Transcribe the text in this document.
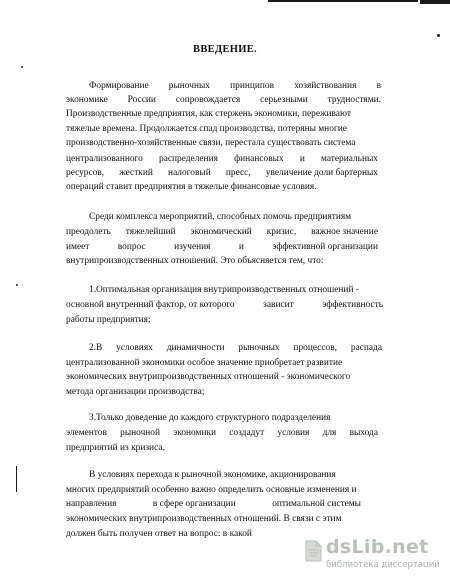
ВВЕДЕНИЕ.
Формирование рыночных принципов хозяйствования в
экономике России сопровождается серьезными трудностями.
Производственные предприятия, как стержень экономики, переживают
тяжелые времена. Продолжается спад производства, потеряны многие
производственно-хозяйственные связи, перестала существовать система
централизованного распределения финансовых и материальных
ресурсов, жесткий налоговый пресс, увеличение доли бартерных
операций ставит предприятия в тяжелые финансовые условия.
Среди комплекса мероприятий, способных помочь предприятиям
преодолеть тяжелейший экономический кризис, важное значение
имеет	вопрос	изучения	и	эффективной организации
внутрипроизводственных отношений. Это объясняется тем, что:
1.Оптимальная организация внутрипроизводственных отношений -
основной внутренний фактор, от которого	зависит	эффективность
работы предприятия;
2.В условиях динамичности рыночных процессов, распада
централизованной экономики особое значение приобретает развитие
экономических внутрипроизводственных отношений - экономического
метода организации производства;
3.Только доведение до каждого структурного подразделения
элементов рыночной экономики создадут условия для выхода
предприятий из кризиса.
В условиях перехода к рыночной экономике, акционирования
многих предприятий особенно важно определить основные изменения и
направления	в сфере организации	оптимальной системы
экономических внутрипроизводственных отношений. В связи с этим
должен быть получен ответ на вопрос: в какой
dsLib.net
библиотека диссертаций
